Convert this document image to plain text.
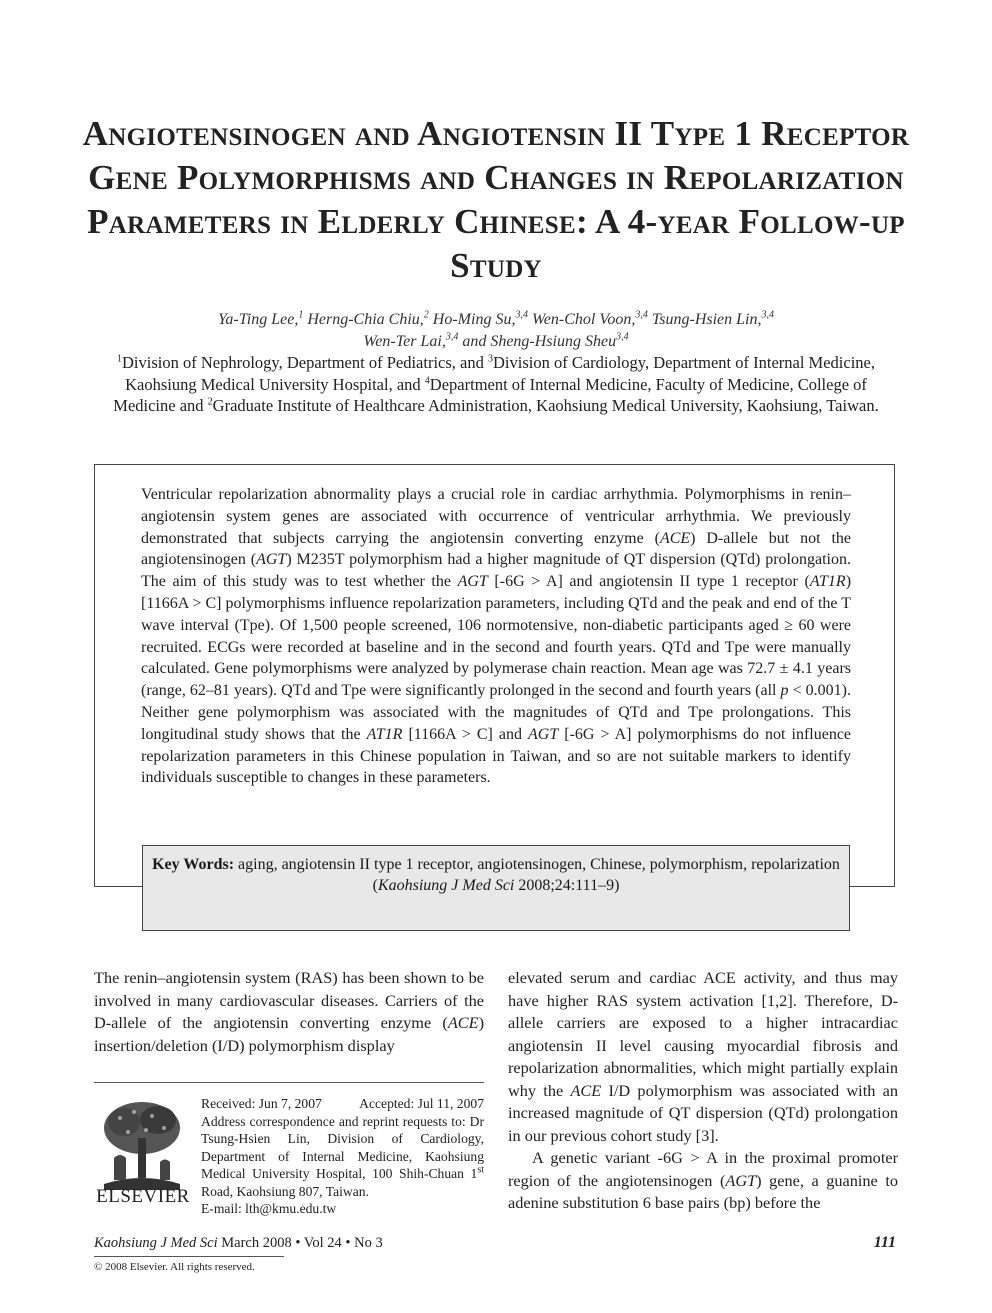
Angiotensinogen and Angiotensin II Type 1 Receptor Gene Polymorphisms and Changes in Repolarization Parameters in Elderly Chinese: A 4-year Follow-up Study
Ya-Ting Lee,$^1$ Herng-Chia Chiu,$^2$ Ho-Ming Su,$^{3,4}$ Wen-Chol Voon,$^{3,4}$ Tsung-Hsien Lin,$^{3,4}$
Wen-Ter Lai,$^{3,4}$ and Sheng-Hsiung Sheu$^{3,4}$
$^1$Division of Nephrology, Department of Pediatrics, and $^3$Division of Cardiology, Department of Internal Medicine, Kaohsiung Medical University Hospital, and $^4$Department of Internal Medicine, Faculty of Medicine, College of Medicine and $^2$Graduate Institute of Healthcare Administration, Kaohsiung Medical University, Kaohsiung, Taiwan.
Ventricular repolarization abnormality plays a crucial role in cardiac arrhythmia. Polymorphisms in renin–angiotensin system genes are associated with occurrence of ventricular arrhythmia. We previously demonstrated that subjects carrying the angiotensin converting enzyme (ACE) D-allele but not the angiotensinogen (AGT) M235T polymorphism had a higher magnitude of QT dispersion (QTd) prolongation. The aim of this study was to test whether the AGT [-6G > A] and angiotensin II type 1 receptor (AT1R) [1166A > C] polymorphisms influence repolarization parameters, including QTd and the peak and end of the T wave interval (Tpe). Of 1,500 people screened, 106 normotensive, non-diabetic participants aged ≥ 60 were recruited. ECGs were recorded at baseline and in the second and fourth years. QTd and Tpe were manually calculated. Gene polymorphisms were analyzed by polymerase chain reaction. Mean age was 72.7 ± 4.1 years (range, 62–81 years). QTd and Tpe were significantly prolonged in the second and fourth years (all p < 0.001). Neither gene polymorphism was associated with the magnitudes of QTd and Tpe prolongations. This longitudinal study shows that the AT1R [1166A > C] and AGT [-6G > A] polymorphisms do not influence repolarization parameters in this Chinese population in Taiwan, and so are not suitable markers to identify individuals susceptible to changes in these parameters.
Key Words: aging, angiotensin II type 1 receptor, angiotensinogen, Chinese, polymorphism, repolarization
(Kaohsiung J Med Sci 2008;24:111–9)
The renin–angiotensin system (RAS) has been shown to be involved in many cardiovascular diseases. Carriers of the D-allele of the angiotensin converting enzyme (ACE) insertion/deletion (I/D) polymorphism display
ELSEVIER
Received: Jun 7, 2007	Accepted: Jul 11, 2007
Address correspondence and reprint requests to: Dr Tsung-Hsien Lin, Division of Cardiology, Department of Internal Medicine, Kaohsiung Medical University Hospital, 100 Shih-Chuan 1st Road, Kaohsiung 807, Taiwan.
E-mail: lth@kmu.edu.tw

elevated serum and cardiac ACE activity, and thus may have higher RAS system activation [1,2]. Therefore, D-allele carriers are exposed to a higher intracardiac angiotensin II level causing myocardial fibrosis and repolarization abnormalities, which might partially explain why the ACE I/D polymorphism was associated with an increased magnitude of QT dispersion (QTd) prolongation in our previous cohort study [3].

A genetic variant -6G > A in the proximal promoter region of the angiotensinogen (AGT) gene, a guanine to adenine substitution 6 base pairs (bp) before the

Kaohsiung J Med Sci March 2008 • Vol 24 • No 3	111
© 2008 Elsevier. All rights reserved.
